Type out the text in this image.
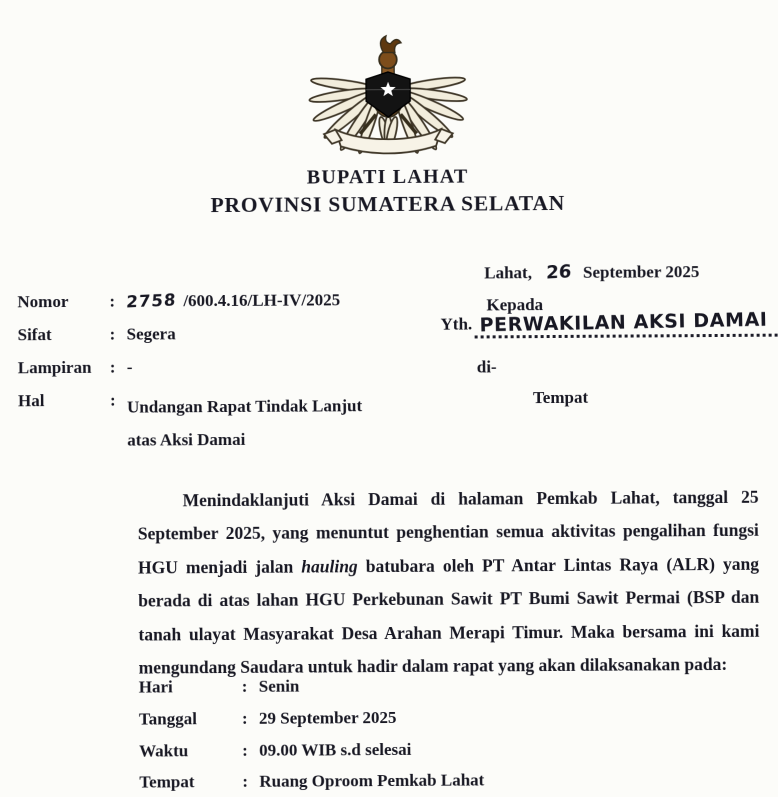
BUPATI LAHAT
PROVINSI SUMATERA SELATAN
Lahat, 26 September 2025
Nomor	: 2758 /600.4.16/LH-IV/2025
Sifat	: Segera
Lampiran	: -
Hal	: Undangan Rapat Tindak Lanjut
atas Aksi Damai
Kepada
Yth. PERWAKILAN AKSI DAMAI
di-
Tempat
Menindaklanjuti Aksi Damai di halaman Pemkab Lahat, tanggal 25 September 2025, yang menuntut penghentian semua aktivitas pengalihan fungsi HGU menjadi jalan hauling batubara oleh PT Antar Lintas Raya (ALR) yang berada di atas lahan HGU Perkebunan Sawit PT Bumi Sawit Permai (BSP dan tanah ulayat Masyarakat Desa Arahan Merapi Timur. Maka bersama ini kami mengundang Saudara untuk hadir dalam rapat yang akan dilaksanakan pada:
Hari	: Senin
Tanggal	: 29 September 2025
Waktu	: 09.00 WIB s.d selesai
Tempat	: Ruang Oproom Pemkab Lahat
